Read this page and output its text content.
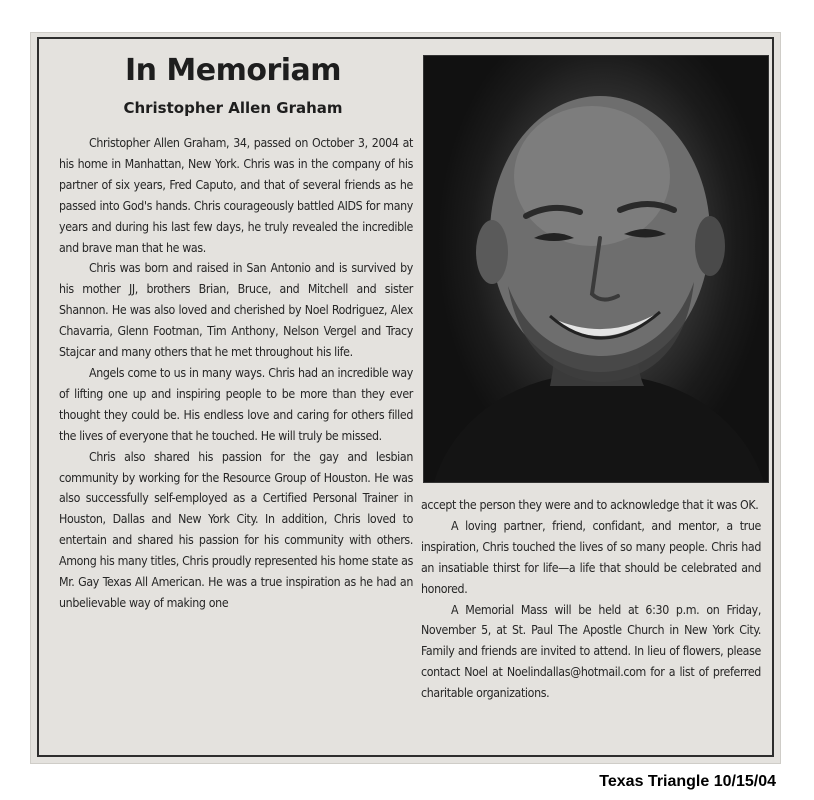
In Memoriam
Christopher Allen Graham

Christopher Allen Graham, 34, passed on October 3, 2004 at his home in Manhattan, New York. Chris was in the company of his partner of six years, Fred Caputo, and that of several friends as he passed into God's hands. Chris courageously battled AIDS for many years and during his last few days, he truly revealed the incredible and brave man that he was.

Chris was born and raised in San Antonio and is survived by his mother JJ, brothers Brian, Bruce, and Mitchell and sister Shannon. He was also loved and cherished by Noel Rodriguez, Alex Chavarria, Glenn Footman, Tim Anthony, Nelson Vergel and Tracy Stajcar and many others that he met throughout his life.

Angels come to us in many ways. Chris had an incredible way of lifting one up and inspiring people to be more than they ever thought they could be. His endless love and caring for others filled the lives of everyone that he touched. He will truly be missed.

Chris also shared his passion for the gay and lesbian community by working for the Resource Group of Houston. He was also successfully self-employed as a Certified Personal Trainer in Houston, Dallas and New York City. In addition, Chris loved to entertain and shared his passion for his community with others. Among his many titles, Chris proudly represented his home state as Mr. Gay Texas All American. He was a true inspiration as he had an unbelievable way of making one

accept the person they were and to acknowledge that it was OK.

A loving partner, friend, confidant, and mentor, a true inspiration, Chris touched the lives of so many people. Chris had an insatiable thirst for life—a life that should be celebrated and honored.

A Memorial Mass will be held at 6:30 p.m. on Friday, November 5, at St. Paul The Apostle Church in New York City. Family and friends are invited to attend. In lieu of flowers, please contact Noel at Noelindallas@hotmail.com for a list of preferred charitable organizations.

Texas Triangle 10/15/04
